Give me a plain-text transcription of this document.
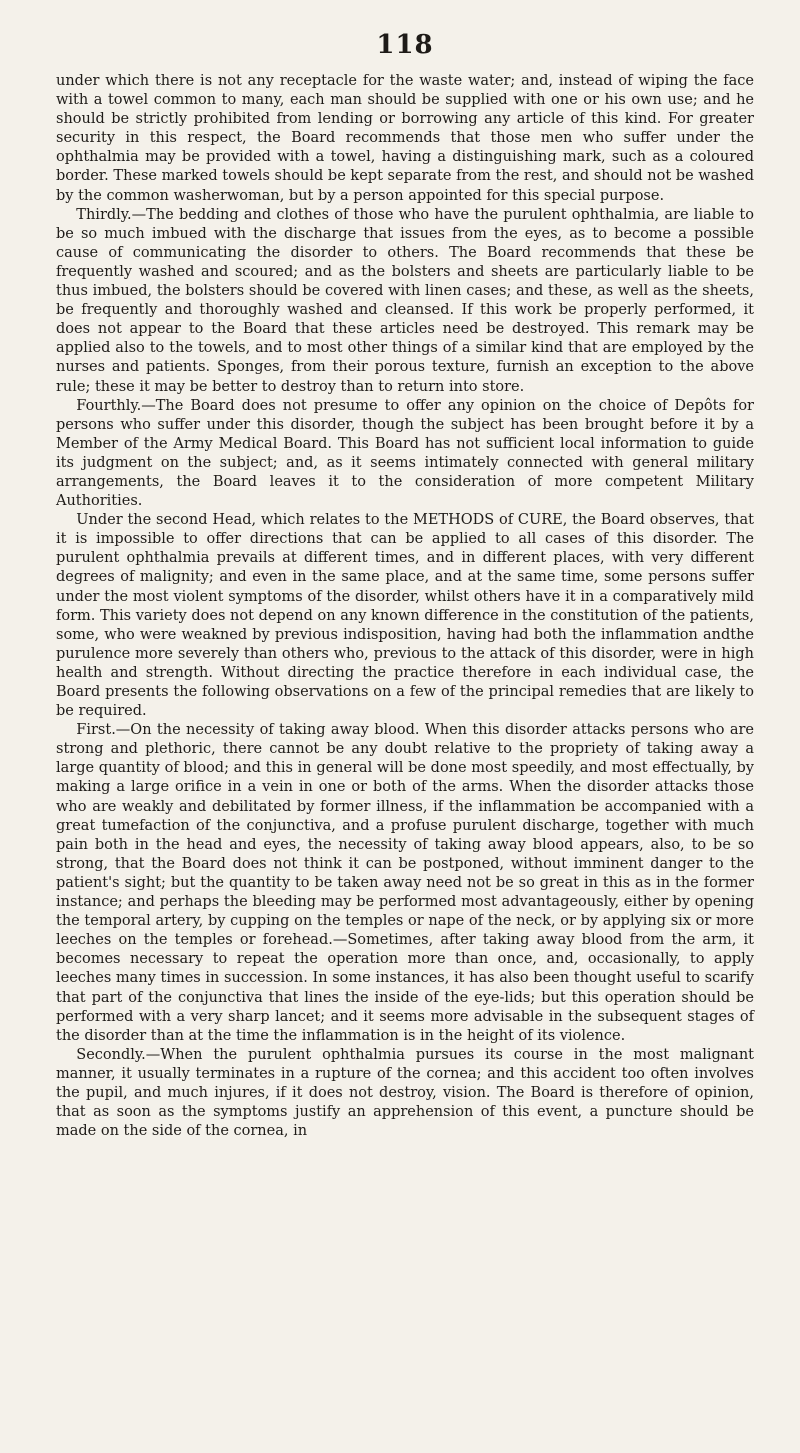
118

under which there is not any receptacle for the waste water; and, instead of wiping the face with a towel common to many, each man should be supplied with one or his own use; and he should be strictly prohibited from lending or borrowing any article of this kind. For greater security in this respect, the Board recommends that those men who suffer under the ophthalmia may be provided with a towel, having a distinguishing mark, such as a coloured border. These marked towels should be kept separate from the rest, and should not be washed by the common washerwoman, but by a person appointed for this special purpose.

Thirdly.—The bedding and clothes of those who have the purulent ophthalmia, are liable to be so much imbued with the discharge that issues from the eyes, as to become a possible cause of communicating the disorder to others. The Board recommends that these be frequently washed and scoured; and as the bolsters and sheets are particularly liable to be thus imbued, the bolsters should be covered with linen cases; and these, as well as the sheets, be frequently and thoroughly washed and cleansed. If this work be properly performed, it does not appear to the Board that these articles need be destroyed. This remark may be applied also to the towels, and to most other things of a similar kind that are employed by the nurses and patients. Sponges, from their porous texture, furnish an exception to the above rule; these it may be better to destroy than to return into store.

Fourthly.—The Board does not presume to offer any opinion on the choice of Depôts for persons who suffer under this disorder, though the subject has been brought before it by a Member of the Army Medical Board. This Board has not sufficient local information to guide its judgment on the subject; and, as it seems intimately connected with general military arrangements, the Board leaves it to the consideration of more competent Military Authorities.

Under the second Head, which relates to the METHODS of CURE, the Board observes, that it is impossible to offer directions that can be applied to all cases of this disorder. The purulent ophthalmia prevails at different times, and in different places, with very different degrees of malignity; and even in the same place, and at the same time, some persons suffer under the most violent symptoms of the disorder, whilst others have it in a comparatively mild form. This variety does not depend on any known difference in the constitution of the patients, some, who were weakned by previous indisposition, having had both the inflammation andthe purulence more severely than others who, previous to the attack of this disorder, were in high health and strength. Without directing the practice therefore in each individual case, the Board presents the following observations on a few of the principal remedies that are likely to be required.

First.—On the necessity of taking away blood. When this disorder attacks persons who are strong and plethoric, there cannot be any doubt relative to the propriety of taking away a large quantity of blood; and this in general will be done most speedily, and most effectually, by making a large orifice in a vein in one or both of the arms. When the disorder attacks those who are weakly and debilitated by former illness, if the inflammation be accompanied with a great tumefaction of the conjunctiva, and a profuse purulent discharge, together with much pain both in the head and eyes, the necessity of taking away blood appears, also, to be so strong, that the Board does not think it can be postponed, without imminent danger to the patient's sight; but the quantity to be taken away need not be so great in this as in the former instance; and perhaps the bleeding may be performed most advantageously, either by opening the temporal artery, by cupping on the temples or nape of the neck, or by applying six or more leeches on the temples or forehead.—Sometimes, after taking away blood from the arm, it becomes necessary to repeat the operation more than once, and, occasionally, to apply leeches many times in succession. In some instances, it has also been thought useful to scarify that part of the conjunctiva that lines the inside of the eye-lids; but this operation should be performed with a very sharp lancet; and it seems more advisable in the subsequent stages of the disorder than at the time the inflammation is in the height of its violence.

Secondly.—When the purulent ophthalmia pursues its course in the most malignant manner, it usually terminates in a rupture of the cornea; and this accident too often involves the pupil, and much injures, if it does not destroy, vision. The Board is therefore of opinion, that as soon as the symptoms justify an apprehension of this event, a puncture should be made on the side of the cornea, in
